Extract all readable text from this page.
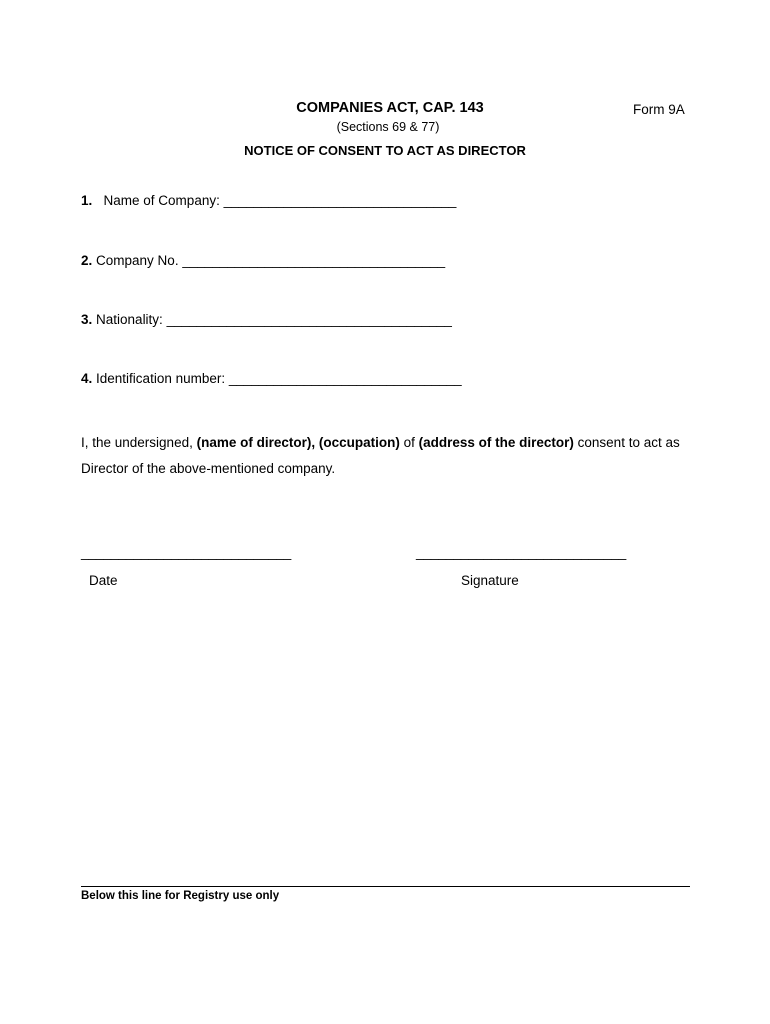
COMPANIES ACT, CAP. 143	Form 9A
(Sections 69 & 77)
NOTICE OF CONSENT TO ACT AS DIRECTOR
1. Name of Company: _______________________________
2. Company No. ___________________________________
3. Nationality: ______________________________________
4. Identification number: _______________________________
I, the undersigned, (name of director), (occupation) of (address of the director) consent to act as Director of the above-mentioned company.
____________________________	____________________________
Date	Signature
Below this line for Registry use only
